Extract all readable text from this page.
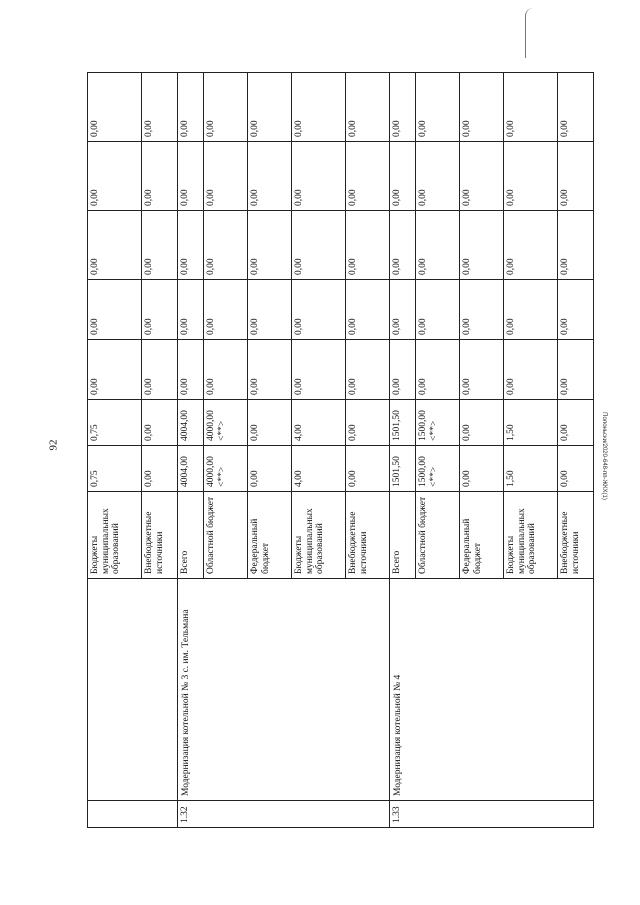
92	Полоньски/2020-648-пп-ЖКХ(1)
		Бюджеты муниципальных образований	0,75	0,75	0,00	0,00	0,00	0,00	0,00
		Внебюджетные источники	0,00	0,00	0,00	0,00	0,00	0,00	0,00
1.32	Модернизация котельной № 3 с. им. Тельмана	Всего	4004,00	4004,00	0,00	0,00	0,00	0,00	0,00
		Областной бюджет	4000,00 <**>	4000,00 <**>	0,00	0,00	0,00	0,00	0,00
		Федеральный бюджет	0,00	0,00	0,00	0,00	0,00	0,00	0,00
		Бюджеты муниципальных образований	4,00	4,00	0,00	0,00	0,00	0,00	0,00
		Внебюджетные источники	0,00	0,00	0,00	0,00	0,00	0,00	0,00
1.33	Модернизация котельной № 4	Всего	1501,50	1501,50	0,00	0,00	0,00	0,00	0,00
		Областной бюджет	1500,00 <**>	1500,00 <**>	0,00	0,00	0,00	0,00	0,00
		Федеральный бюджет	0,00	0,00	0,00	0,00	0,00	0,00	0,00
		Бюджеты муниципальных образований	1,50	1,50	0,00	0,00	0,00	0,00	0,00
		Внебюджетные источники	0,00	0,00	0,00	0,00	0,00	0,00	0,00
